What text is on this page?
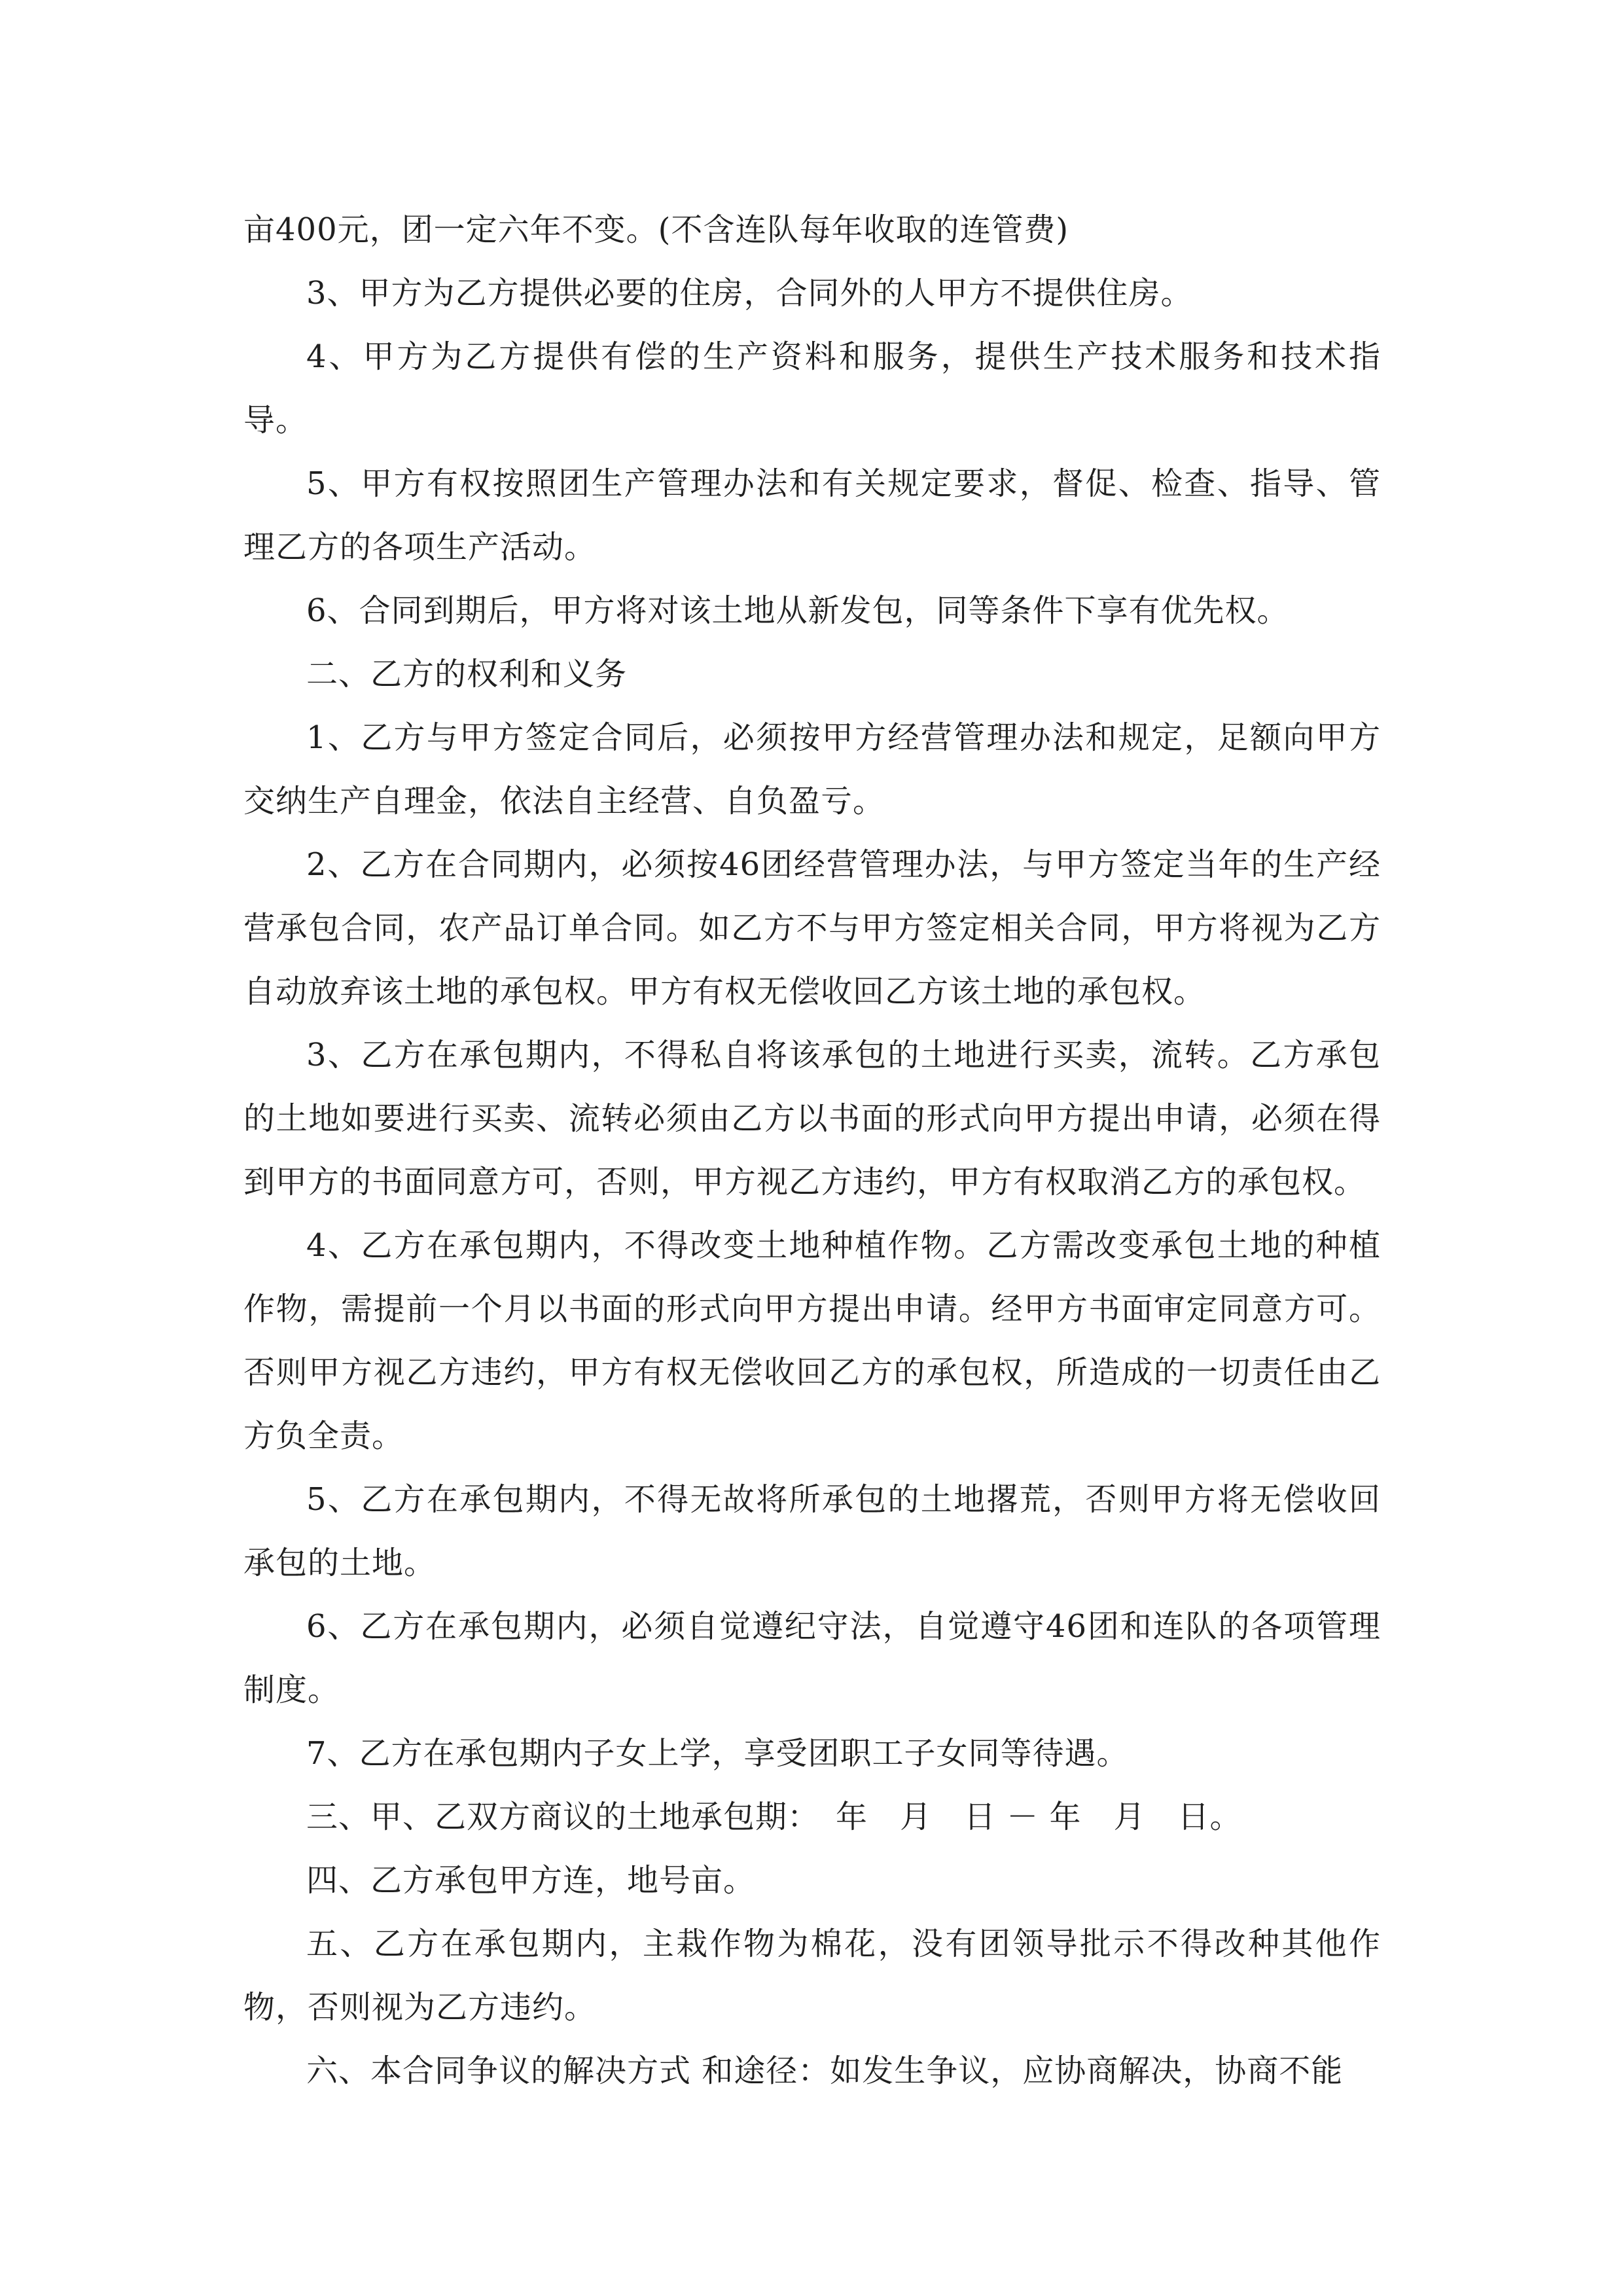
亩400元，团一定六年不变。(不含连队每年收取的连管费)

3、甲方为乙方提供必要的住房，合同外的人甲方不提供住房。

4、甲方为乙方提供有偿的生产资料和服务，提供生产技术服务和技术指导。

5、甲方有权按照团生产管理办法和有关规定要求，督促、检查、指导、管理乙方的各项生产活动。

6、合同到期后，甲方将对该土地从新发包，同等条件下享有优先权。

二、乙方的权利和义务

1、乙方与甲方签定合同后，必须按甲方经营管理办法和规定，足额向甲方交纳生产自理金，依法自主经营、自负盈亏。

2、乙方在合同期内，必须按46团经营管理办法，与甲方签定当年的生产经营承包合同，农产品订单合同。如乙方不与甲方签定相关合同，甲方将视为乙方自动放弃该土地的承包权。甲方有权无偿收回乙方该土地的承包权。

3、乙方在承包期内，不得私自将该承包的土地进行买卖，流转。乙方承包的土地如要进行买卖、流转必须由乙方以书面的形式向甲方提出申请，必须在得到甲方的书面同意方可，否则，甲方视乙方违约，甲方有权取消乙方的承包权。

4、乙方在承包期内，不得改变土地种植作物。乙方需改变承包土地的种植作物，需提前一个月以书面的形式向甲方提出申请。经甲方书面审定同意方可。否则甲方视乙方违约，甲方有权无偿收回乙方的承包权，所造成的一切责任由乙方负全责。

5、乙方在承包期内，不得无故将所承包的土地撂荒，否则甲方将无偿收回承包的土地。

6、乙方在承包期内，必须自觉遵纪守法，自觉遵守46团和连队的各项管理制度。

7、乙方在承包期内子女上学，享受团职工子女同等待遇。

三、甲、乙双方商议的土地承包期：　年　月　日 － 年　月　日。

四、乙方承包甲方连，地号亩。

五、乙方在承包期内，主栽作物为棉花，没有团领导批示不得改种其他作物，否则视为乙方违约。

六、本合同争议的解决方式 和途径：如发生争议，应协商解决，协商不能
